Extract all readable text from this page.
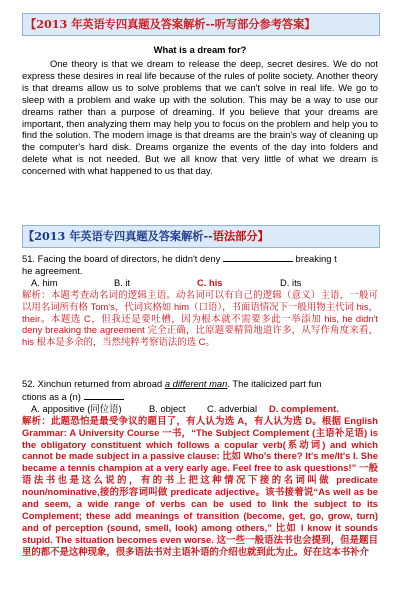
【2013 年英语专四真题及答案解析--听写部分参考答案】
What is a dream for?
One theory is that we dream to release the deep, secret desires. We do not express these desires in real life because of the rules of polite society. Another theory is that dreams allow us to solve problems that we can't solve in real life. We go to sleep with a problem and wake up with the solution. This may be a way to use our dreams rather than a purpose of dreaming. If you believe that your dreams are important, then analyzing them may help you to focus on the problem and help you to find the solution. The modern image is that dreams are the brain's way of cleaning up the computer's hard disk. Dreams organize the events of the day into folders and delete what is not needed. But we all know that very little of what we dream is concerned with what happened to us that day.
【2013 年英语专四真题及答案解析-- 语法部分】

51. Facing the board of directors, he didn't deny	breaking t

he agreement.

A. him	B. it	C. his	D. its

解析：本题考查动名词的逻辑主语。动名词可以有自己的逻辑（意义）主语，一般可以用名词所有格 Tom's，代词宾格如 him（口语），书面语情况下一般用物主代词 his，their。本题选 C，但我还是要吐槽，因为根本就不需要多此一举添加 his, he didn't deny breaking the agreement 完全正确，比原题要精简地道许多，从写作角度来看，his 根本是多余的，当然纯粹考察语法的选 C。

52. Xinchun returned from abroad a different man. The italicized part fun

ctions as a (n)

A. appositive (同位语)	B. object	C. adverbial	D. complement.

解析：此题恐怕是最受争议的题目了，有人认为选 A，有人认为选 D。根据 English Grammar: A University Course 一书，“The Subject Complement (主语补足语) is the obligatory constituent which follows a copular verb(系动词) and which cannot be made subject in a passive clause: 比如 Who's there? It's me/It's I. She became a tennis champion at a very early age. Feel free to ask questions!” 一般语法书也是这么说的，有的书上把这种情况下接的名词叫做 predicate noun/nominative,接的形容词叫做 predicate adjective。该书接着说“As well as be and seem, a wide range of verbs can be used to link the subject to its Complement; these add meanings of transition (become, get, go, grow, turn) and of perception (sound, smell, look) among others,” 比如 I know it sounds stupid. The situation becomes even worse. 这一些一般语法书也会提到，但是题目里的都不是这种现象，很多语法书对主语补语的介绍也就到此为止。好在这本书补介
